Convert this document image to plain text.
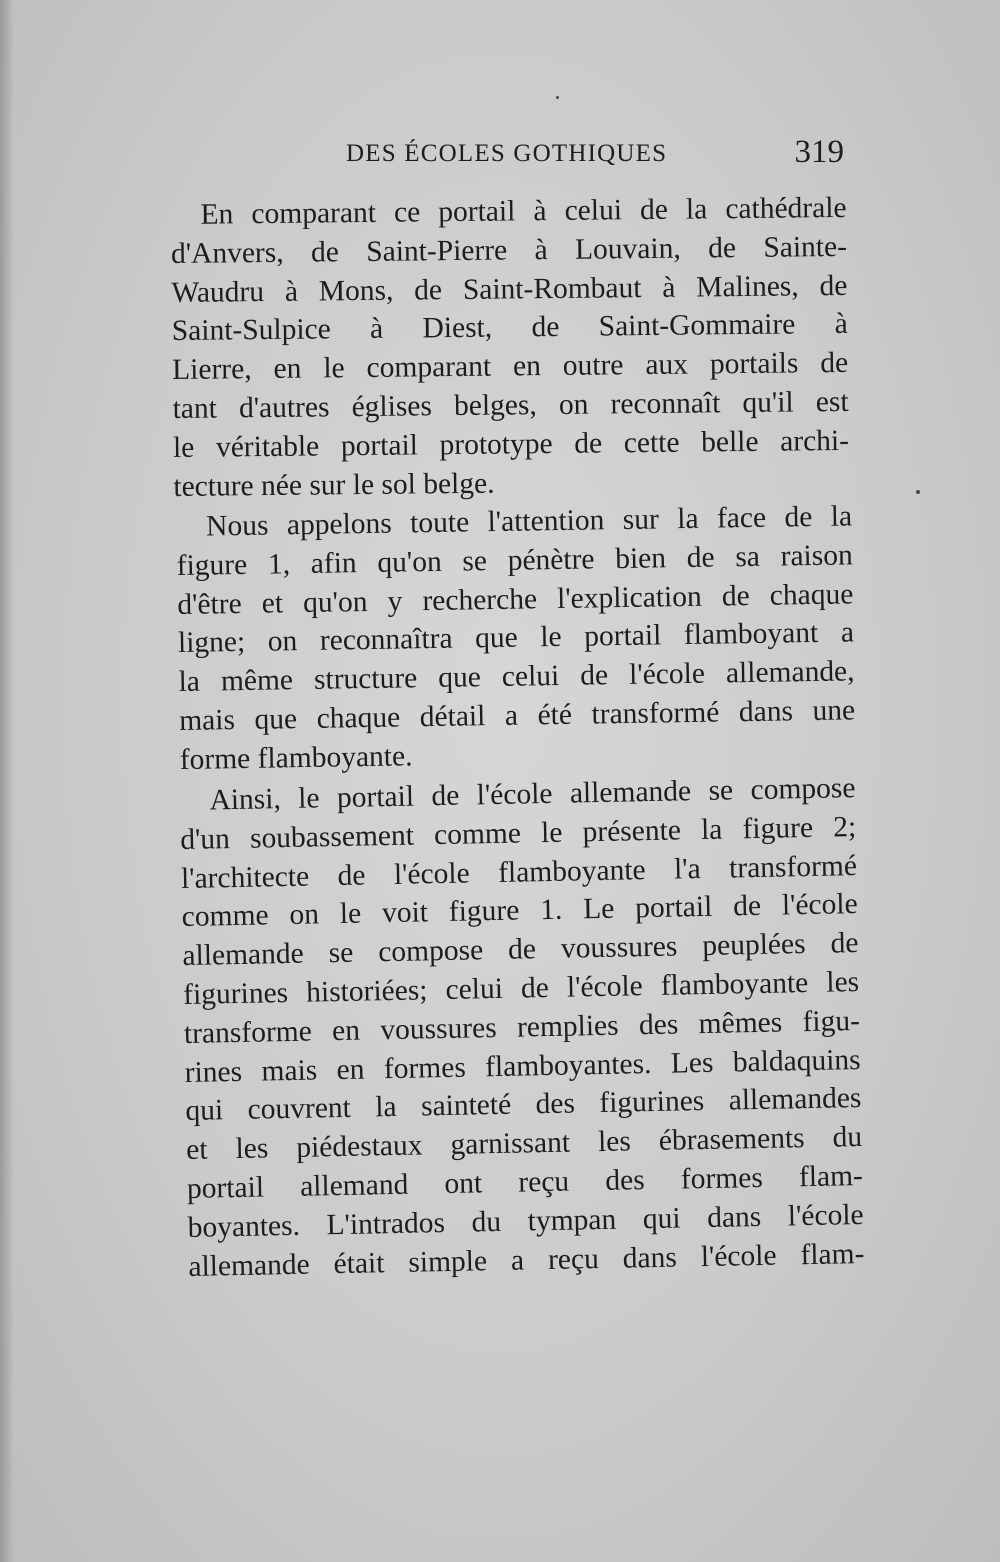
DES ÉCOLES GOTHIQUES	319
En comparant ce portail à celui de la cathédrale
d'Anvers, de Saint-Pierre à Louvain, de Sainte-
Waudru à Mons, de Saint-Rombaut à Malines, de
Saint-Sulpice à Diest, de Saint-Gommaire à
Lierre, en le comparant en outre aux portails de
tant d'autres églises belges, on reconnaît qu'il est
le véritable portail prototype de cette belle archi-
tecture née sur le sol belge.
Nous appelons toute l'attention sur la face de la
figure 1, afin qu'on se pénètre bien de sa raison
d'être et qu'on y recherche l'explication de chaque
ligne; on reconnaîtra que le portail flamboyant a
la même structure que celui de l'école allemande,
mais que chaque détail a été transformé dans une
forme flamboyante.
Ainsi, le portail de l'école allemande se compose
d'un soubassement comme le présente la figure 2;
l'architecte de l'école flamboyante l'a transformé
comme on le voit figure 1. Le portail de l'école
allemande se compose de voussures peuplées de
figurines historiées; celui de l'école flamboyante les
transforme en voussures remplies des mêmes figu-
rines mais en formes flamboyantes. Les baldaquins
qui couvrent la sainteté des figurines allemandes
et les piédestaux garnissant les ébrasements du
portail allemand ont reçu des formes flam-
boyantes. L'intrados du tympan qui dans l'école
allemande était simple a reçu dans l'école flam-
